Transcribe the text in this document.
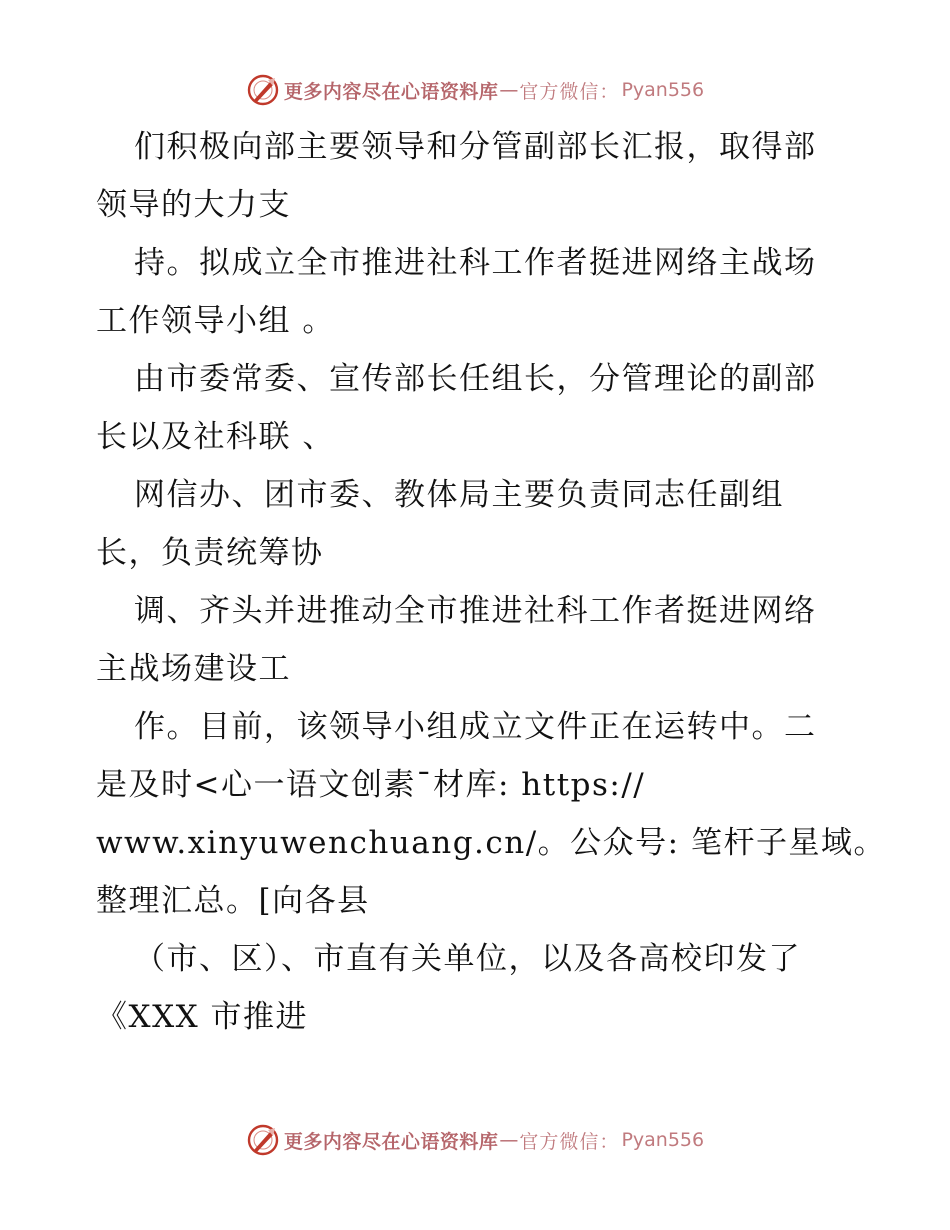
更多内容尽在心语资料库 — 官方微信： Pyan556
们积极向部主要领导和分管副部长汇报，取得部
领导的大力支
持。拟成立全市推进社科工作者挺进网络主战场
工作领导小组 。
由市委常委、宣传部长任组长，分管理论的副部
长以及社科联 、
网信办、团市委、教体局主要负责同志任副组
长，负责统筹协
调、齐头并进推动全市推进社科工作者挺进网络
主战场建设工
作。目前，该领导小组成立文件正在运转中。二
是及时<心一语文创素¯材库: https://
www.xinyuwenchuang.cn/。公众号: 笔杆子星域。
整理汇总。[向各县
（市、区）、市直有关单位，以及各高校印发了
《XXX 市推进
更多内容尽在心语资料库 — 官方微信： Pyan556
